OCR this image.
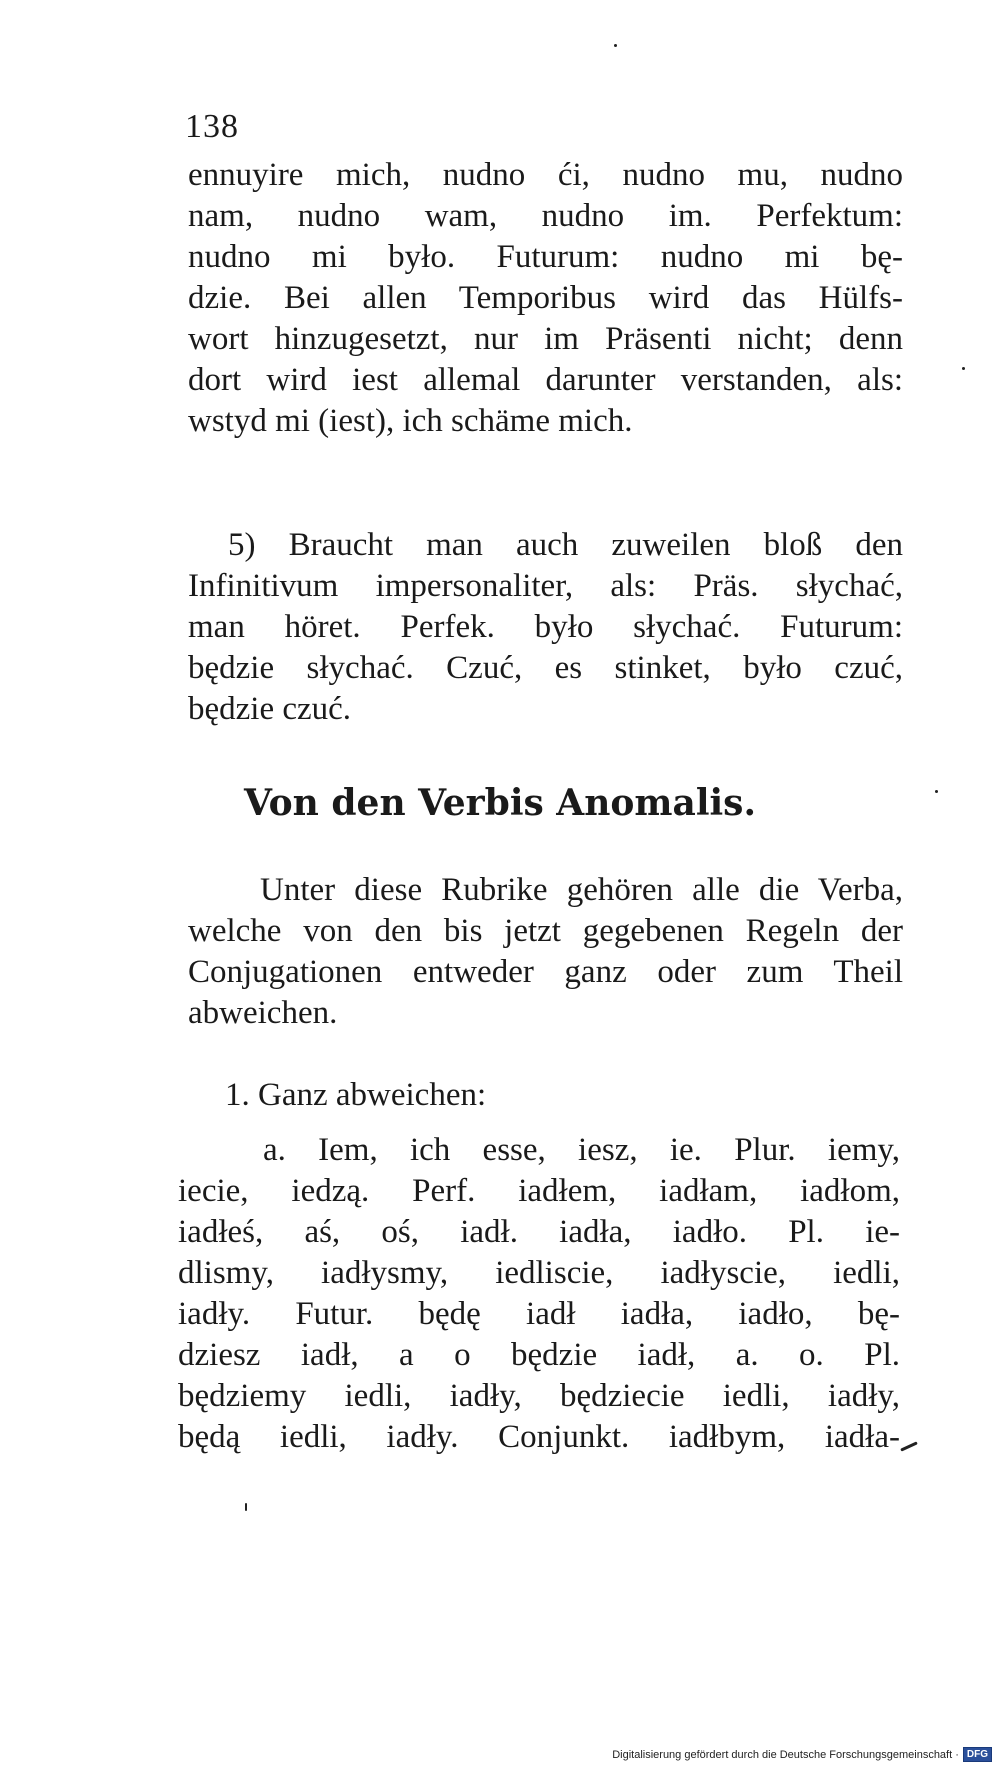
138
ennuyire mich, nudno ći, nudno mu, nudno
nam, nudno wam, nudno im. Perfektum:
nudno mi było. Futurum: nudno mi bę-
dzie. Bei allen Temporibus wird das Hülfs-
wort hinzugesetzt, nur im Präsenti nicht; denn
dort wird iest allemal darunter verstanden, als:
wstyd mi (iest), ich schäme mich.
5) Braucht man auch zuweilen bloß den
Infinitivum impersonaliter, als: Präs. słychać,
man höret. Perfek. było słychać. Futurum:
będzie słychać. Czuć, es stinket, było czuć,
będzie czuć.
Von den Verbis Anomalis.
Unter diese Rubrike gehören alle die Verba,
welche von den bis jetzt gegebenen Regeln der
Conjugationen entweder ganz oder zum Theil
abweichen.
1. Ganz abweichen:
a. Iem, ich esse, iesz, ie. Plur. iemy,
iecie, iedzą. Perf. iadłem, iadłam, iadłom,
iadłeś, aś, oś, iadł. iadła, iadło. Pl. ie-
dlismy, iadłysmy, iedliscie, iadłyscie, iedli,
iadły. Futur. będę iadł iadła, iadło, bę-
dziesz iadł, a o będzie iadł, a. o. Pl.
będziemy iedli, iadły, będziecie iedli, iadły,
będą iedli, iadły. Conjunkt. iadłbym, iadła-
Digitalisierung gefördert durch die Deutsche Forschungsgemeinschaft · DFG
